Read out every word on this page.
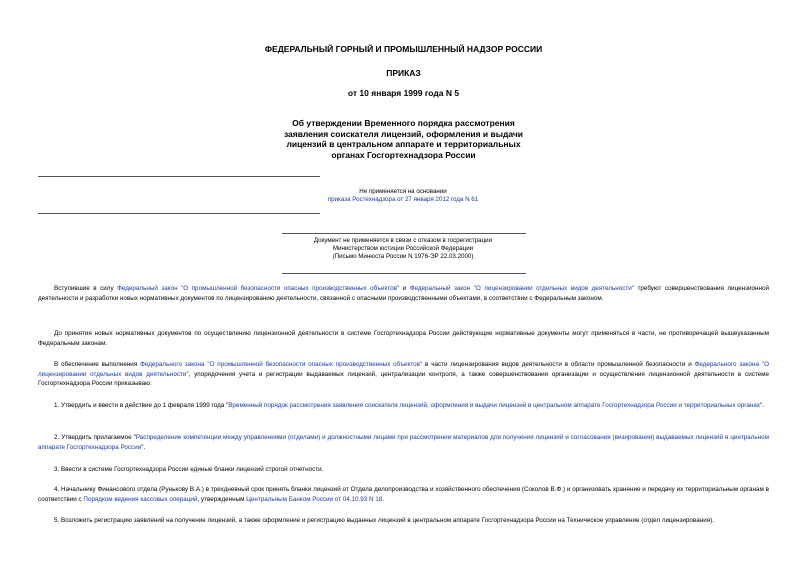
ФЕДЕРАЛЬНЫЙ ГОРНЫЙ И ПРОМЫШЛЕННЫЙ НАДЗОР РОССИИ
ПРИКАЗ
от 10 января 1999 года N 5
Об утверждении Временного порядка рассмотрения
заявления соискателя лицензий, оформления и выдачи
лицензий в центральном аппарате и территориальных
органах Госгортехнадзора России
Не применяется на основании
приказа Ростехнадзора от 27 января 2012 года N 61
Документ не применяется в связи с отказом в госрегистрации
Министерством юстиции Российской Федерации
(Письмо Минюста России N 1976-ЭР 22.03.2000)
Вступившие в силу Федеральный закон "О промышленной безопасности опасных производственных объектов" и Федеральный закон "О лицензировании отдельных видов деятельности" требуют совершенствования лицензионной деятельности и разработки новых нормативных документов по лицензированию деятельности, связанной с опасными производственными объектами, в соответствии с Федеральным законом.
До принятия новых нормативных документов по осуществлению лицензионной деятельности в системе Госгортехнадзора России действующие нормативные документы могут применяться в части, не противоречащей вышеуказанным Федеральным законам.
В обеспечение выполнения Федерального закона "О промышленной безопасности опасных производственных объектов" в части лицензирования видов деятельности в области промышленной безопасности и Федерального закона "О лицензировании отдельных видов деятельности", упорядочения учета и регистрации выдаваемых лицензий, централизации контроля, а также совершенствования организации и осуществления лицензионной деятельности в системе Госгортехнадзора России приказываю:
1. Утвердить и ввести в действие до 1 февраля 1999 года "Временный порядок рассмотрения заявления соискателя лицензий, оформления и выдачи лицензий в центральном аппарате Госгортехнадзора России и территориальных органах".
2. Утвердить прилагаемое "Распределение компетенции между управлениями (отделами) и должностными лицами при рассмотрении материалов для получения лицензий и согласования (визирования) выдаваемых лицензий в центральном аппарате Госгортехнадзора России".
3. Ввести в системе Госгортехнадзора России единые бланки лицензий строгой отчетности.
4. Начальнику Финансового отдела (Рунькову В.А.) в трехдневный срок принять бланки лицензий от Отдела делопроизводства и хозяйственного обеспечения (Соколов В.Ф.) и организовать хранение и передачу их территориальным органам в соответствии с Порядком ведения кассовых операций, утвержденным Центральным Банком России от 04.10.93 N 18.
5. Возложить регистрацию заявлений на получение лицензий, а также оформление и регистрацию выданных лицензий в центральном аппарате Госгортехнадзора России на Техническое управление (отдел лицензирования).
